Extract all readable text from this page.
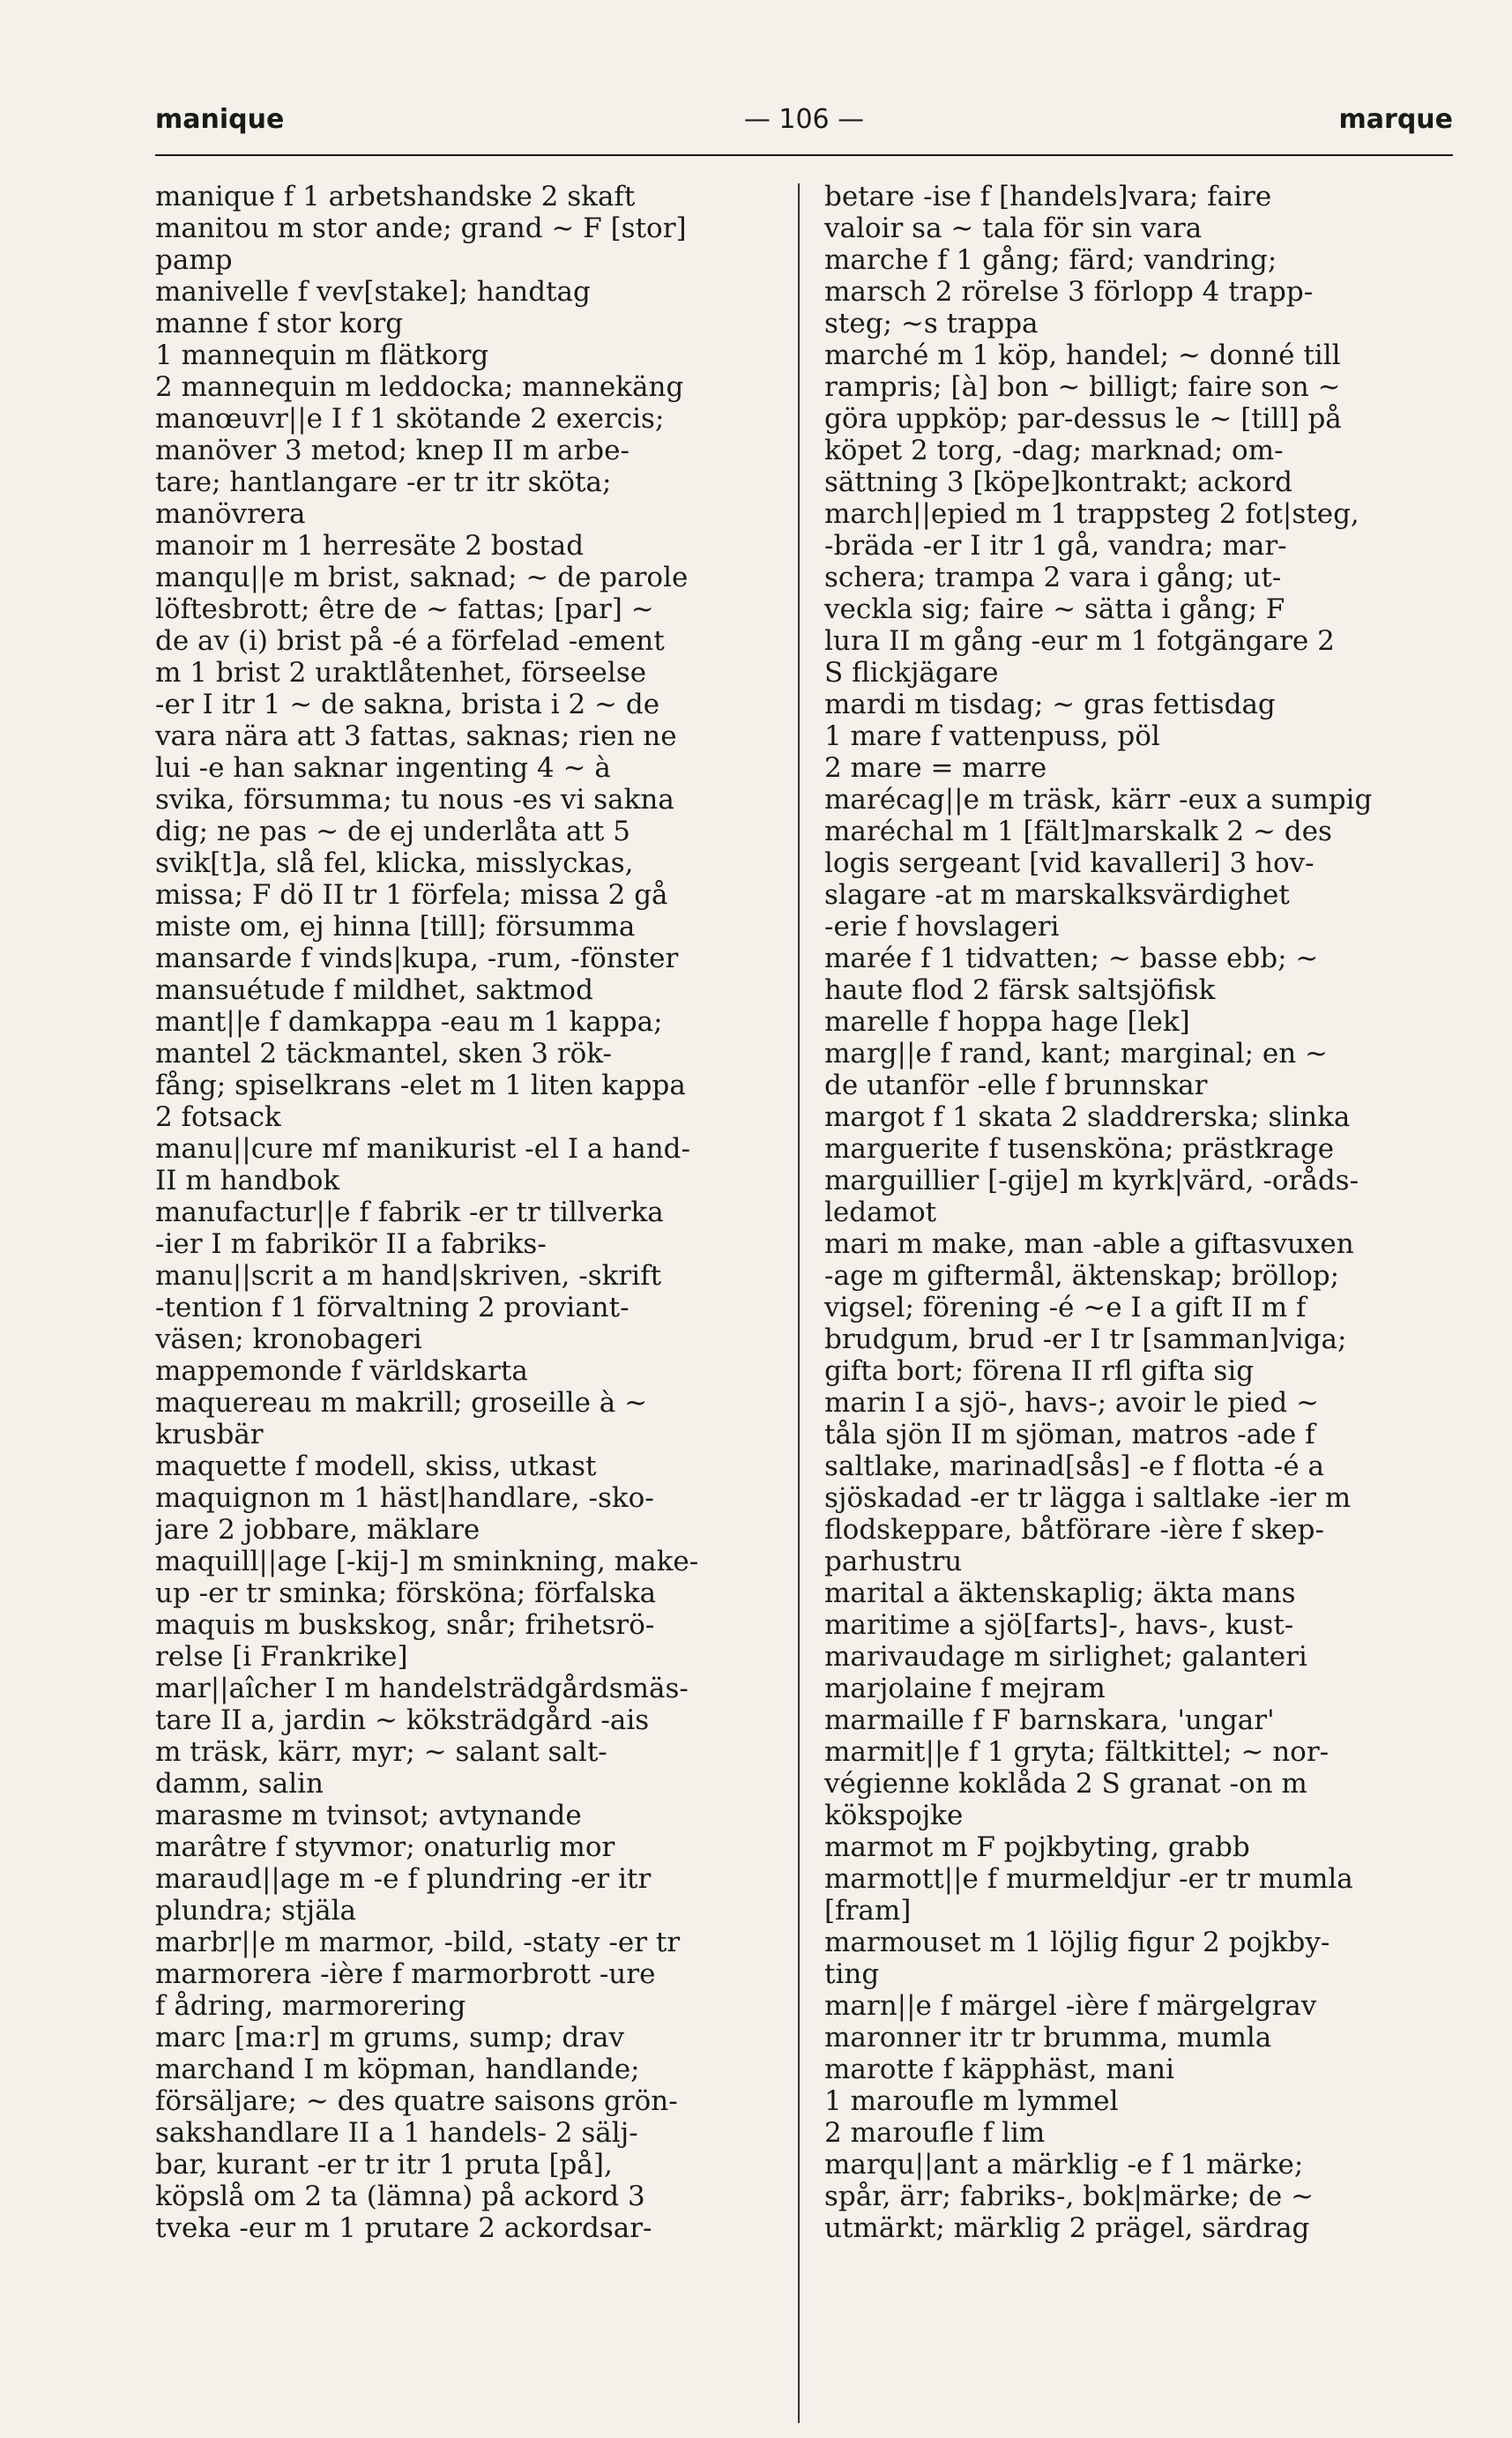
manique	— 106 —	marque
manique f 1 arbetshandske 2 skaft
manitou m stor ande; grand ~ F [stor]
pamp
manivelle f vev[stake]; handtag
manne f stor korg
1 mannequin m flätkorg
2 mannequin m leddocka; mannekäng
manœuvr||e I f 1 skötande 2 exercis;
manöver 3 metod; knep II m arbe-
tare; hantlangare -er tr itr sköta;
manövrera
manoir m 1 herresäte 2 bostad
manqu||e m brist, saknad; ~ de parole
löftesbrott; être de ~ fattas; [par] ~
de av (i) brist på -é a förfelad -ement
m 1 brist 2 uraktlåtenhet, förseelse
-er I itr 1 ~ de sakna, brista i 2 ~ de
vara nära att 3 fattas, saknas; rien ne
lui -e han saknar ingenting 4 ~ à
svika, försumma; tu nous -es vi sakna
dig; ne pas ~ de ej underlåta att 5
svik[t]a, slå fel, klicka, misslyckas,
missa; F dö II tr 1 förfela; missa 2 gå
miste om, ej hinna [till]; försumma
mansarde f vinds|kupa, -rum, -fönster
mansuétude f mildhet, saktmod
mant||e f damkappa -eau m 1 kappa;
mantel 2 täckmantel, sken 3 rök-
fång; spiselkrans -elet m 1 liten kappa
2 fotsack
manu||cure mf manikurist -el I a hand-
II m handbok
manufactur||e f fabrik -er tr tillverka
-ier I m fabrikör II a fabriks-
manu||scrit a m hand|skriven, -skrift
-tention f 1 förvaltning 2 proviant-
väsen; kronobageri
mappemonde f världskarta
maquereau m makrill; groseille à ~
krusbär
maquette f modell, skiss, utkast
maquignon m 1 häst|handlare, -sko-
jare 2 jobbare, mäklare
maquill||age [-kij-] m sminkning, make-
up -er tr sminka; försköna; förfalska
maquis m buskskog, snår; frihetsrö-
relse [i Frankrike]
mar||aîcher I m handelsträdgårdsmäs-
tare II a, jardin ~ köksträdgård -ais
m träsk, kärr, myr; ~ salant salt-
damm, salin
marasme m tvinsot; avtynande
marâtre f styvmor; onaturlig mor
maraud||age m -e f plundring -er itr
plundra; stjäla
marbr||e m marmor, -bild, -staty -er tr
marmorera -ière f marmorbrott -ure
f ådring, marmorering
marc [ma:r] m grums, sump; drav
marchand I m köpman, handlande;
försäljare; ~ des quatre saisons grön-
sakshandlare II a 1 handels- 2 sälj-
bar, kurant -er tr itr 1 pruta [på],
köpslå om 2 ta (lämna) på ackord 3
tveka -eur m 1 prutare 2 ackordsar-
betare -ise f [handels]vara; faire
valoir sa ~ tala för sin vara
marche f 1 gång; färd; vandring;
marsch 2 rörelse 3 förlopp 4 trapp-
steg; ~s trappa
marché m 1 köp, handel; ~ donné till
rampris; [à] bon ~ billigt; faire son ~
göra uppköp; par-dessus le ~ [till] på
köpet 2 torg, -dag; marknad; om-
sättning 3 [köpe]kontrakt; ackord
march||epied m 1 trappsteg 2 fot|steg,
-bräda -er I itr 1 gå, vandra; mar-
schera; trampa 2 vara i gång; ut-
veckla sig; faire ~ sätta i gång; F
lura II m gång -eur m 1 fotgängare 2
S flickjägare
mardi m tisdag; ~ gras fettisdag
1 mare f vattenpuss, pöl
2 mare = marre
marécag||e m träsk, kärr -eux a sumpig
maréchal m 1 [fält]marskalk 2 ~ des
logis sergeant [vid kavalleri] 3 hov-
slagare -at m marskalksvärdighet
-erie f hovslageri
marée f 1 tidvatten; ~ basse ebb; ~
haute flod 2 färsk saltsjöfisk
marelle f hoppa hage [lek]
marg||e f rand, kant; marginal; en ~
de utanför -elle f brunnskar
margot f 1 skata 2 sladdrerska; slinka
marguerite f tusensköna; prästkrage
marguillier [-gije] m kyrk|värd, -oråds-
ledamot
mari m make, man -able a giftasvuxen
-age m giftermål, äktenskap; bröllop;
vigsel; förening -é ~e I a gift II m f
brudgum, brud -er I tr [samman]viga;
gifta bort; förena II rfl gifta sig
marin I a sjö-, havs-; avoir le pied ~
tåla sjön II m sjöman, matros -ade f
saltlake, marinad[sås] -e f flotta -é a
sjöskadad -er tr lägga i saltlake -ier m
flodskeppare, båtförare -ière f skep-
parhustru
marital a äktenskaplig; äkta mans
maritime a sjö[farts]-, havs-, kust-
marivaudage m sirlighet; galanteri
marjolaine f mejram
marmaille f F barnskara, 'ungar'
marmit||e f 1 gryta; fältkittel; ~ nor-
végienne koklåda 2 S granat -on m
kökspojke
marmot m F pojkbyting, grabb
marmott||e f murmeldjur -er tr mumla
[fram]
marmouset m 1 löjlig figur 2 pojkby-
ting
marn||e f märgel -ière f märgelgrav
maronner itr tr brumma, mumla
marotte f käpphäst, mani
1 maroufle m lymmel
2 maroufle f lim
marqu||ant a märklig -e f 1 märke;
spår, ärr; fabriks-, bok|märke; de ~
utmärkt; märklig 2 prägel, särdrag
